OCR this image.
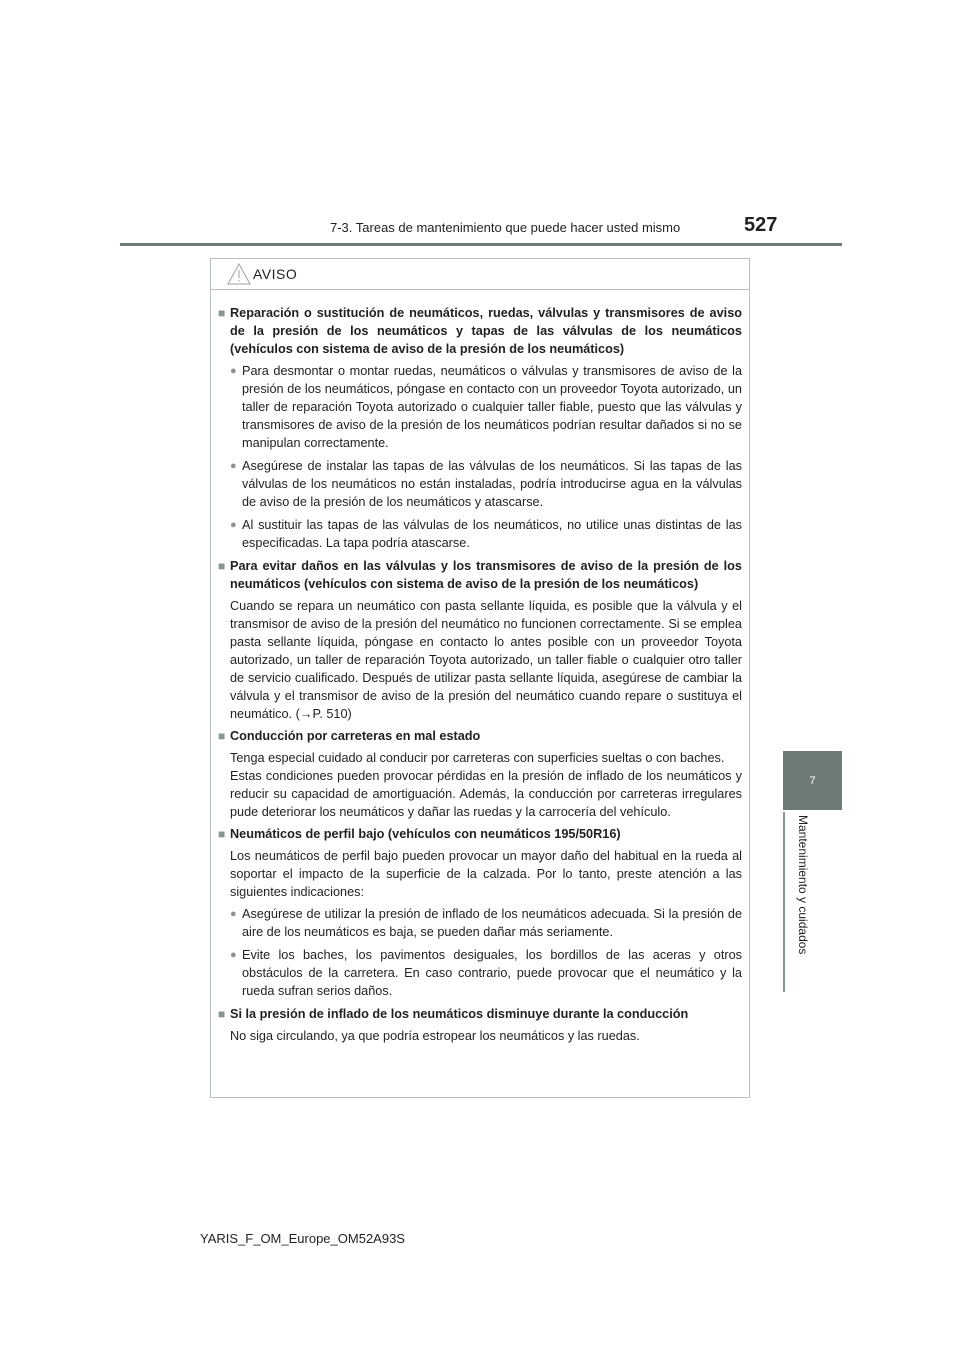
7-3. Tareas de mantenimiento que puede hacer usted mismo	527
7
Mantenimiento y cuidados
AVISO
■ Reparación o sustitución de neumáticos, ruedas, válvulas y transmisores de aviso de la presión de los neumáticos y tapas de las válvulas de los neumáticos (vehículos con sistema de aviso de la presión de los neumáticos)
● Para desmontar o montar ruedas, neumáticos o válvulas y transmisores de aviso de la presión de los neumáticos, póngase en contacto con un proveedor Toyota autorizado, un taller de reparación Toyota autorizado o cualquier taller fiable, puesto que las válvulas y transmisores de aviso de la presión de los neumáticos podrían resultar dañados si no se manipulan correctamente.
● Asegúrese de instalar las tapas de las válvulas de los neumáticos. Si las tapas de las válvulas de los neumáticos no están instaladas, podría introducirse agua en la válvulas de aviso de la presión de los neumáticos y atascarse.
● Al sustituir las tapas de las válvulas de los neumáticos, no utilice unas distintas de las especificadas. La tapa podría atascarse.
■ Para evitar daños en las válvulas y los transmisores de aviso de la presión de los neumáticos (vehículos con sistema de aviso de la presión de los neumáticos)
Cuando se repara un neumático con pasta sellante líquida, es posible que la válvula y el transmisor de aviso de la presión del neumático no funcionen correctamente. Si se emplea pasta sellante líquida, póngase en contacto lo antes posible con un proveedor Toyota autorizado, un taller de reparación Toyota autorizado, un taller fiable o cualquier otro taller de servicio cualificado. Después de utilizar pasta sellante líquida, asegúrese de cambiar la válvula y el transmisor de aviso de la presión del neumático cuando repare o sustituya el neumático. (→P. 510)
■ Conducción por carreteras en mal estado
Tenga especial cuidado al conducir por carreteras con superficies sueltas o con baches.
Estas condiciones pueden provocar pérdidas en la presión de inflado de los neumáticos y reducir su capacidad de amortiguación. Además, la conducción por carreteras irregulares pude deteriorar los neumáticos y dañar las ruedas y la carrocería del vehículo.
■ Neumáticos de perfil bajo (vehículos con neumáticos 195/50R16)
Los neumáticos de perfil bajo pueden provocar un mayor daño del habitual en la rueda al soportar el impacto de la superficie de la calzada. Por lo tanto, preste atención a las siguientes indicaciones:
● Asegúrese de utilizar la presión de inflado de los neumáticos adecuada. Si la presión de aire de los neumáticos es baja, se pueden dañar más seriamente.
● Evite los baches, los pavimentos desiguales, los bordillos de las aceras y otros obstáculos de la carretera. En caso contrario, puede provocar que el neumático y la rueda sufran serios daños.
■ Si la presión de inflado de los neumáticos disminuye durante la conducción
No siga circulando, ya que podría estropear los neumáticos y las ruedas.
YARIS_F_OM_Europe_OM52A93S
